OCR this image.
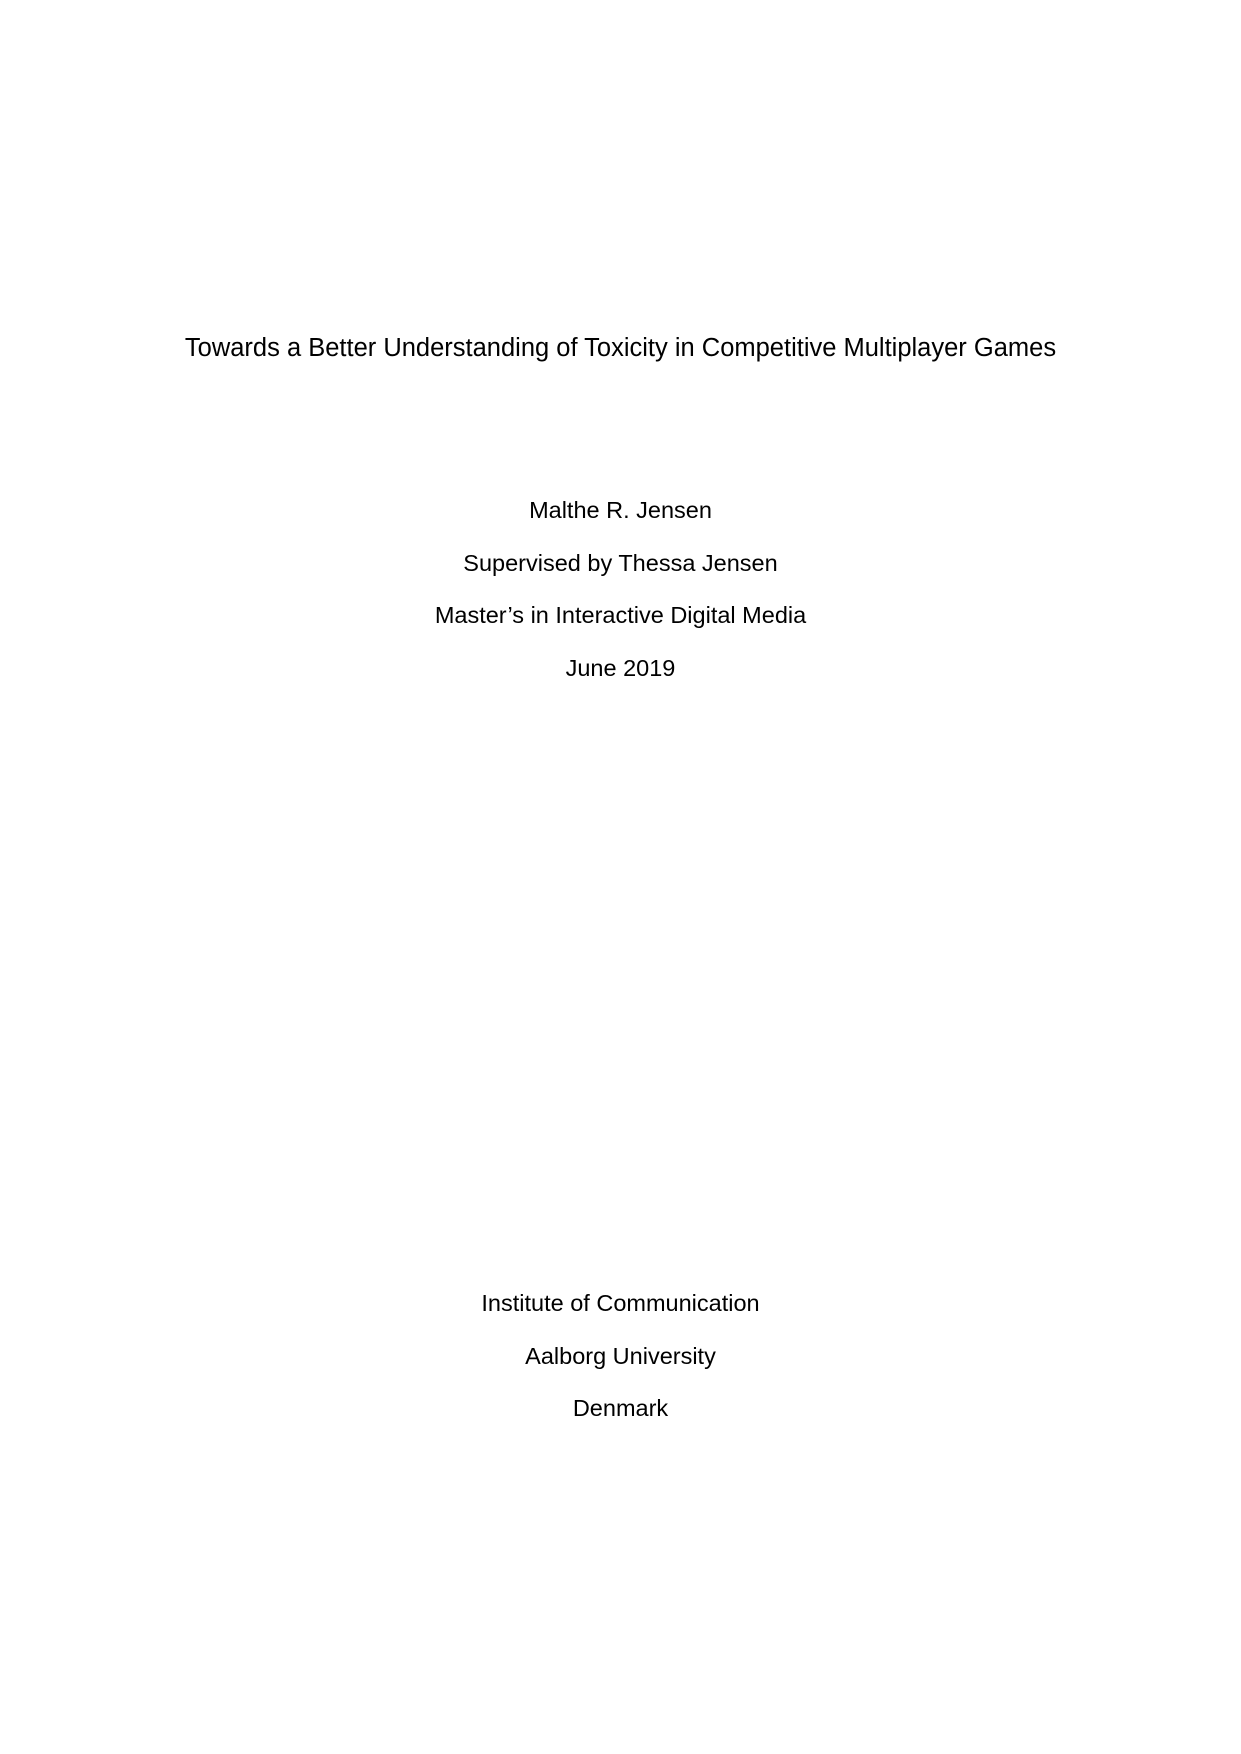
Towards a Better Understanding of Toxicity in Competitive Multiplayer Games
Malthe R. Jensen
Supervised by Thessa Jensen
Master’s in Interactive Digital Media
June 2019
Institute of Communication
Aalborg University
Denmark
